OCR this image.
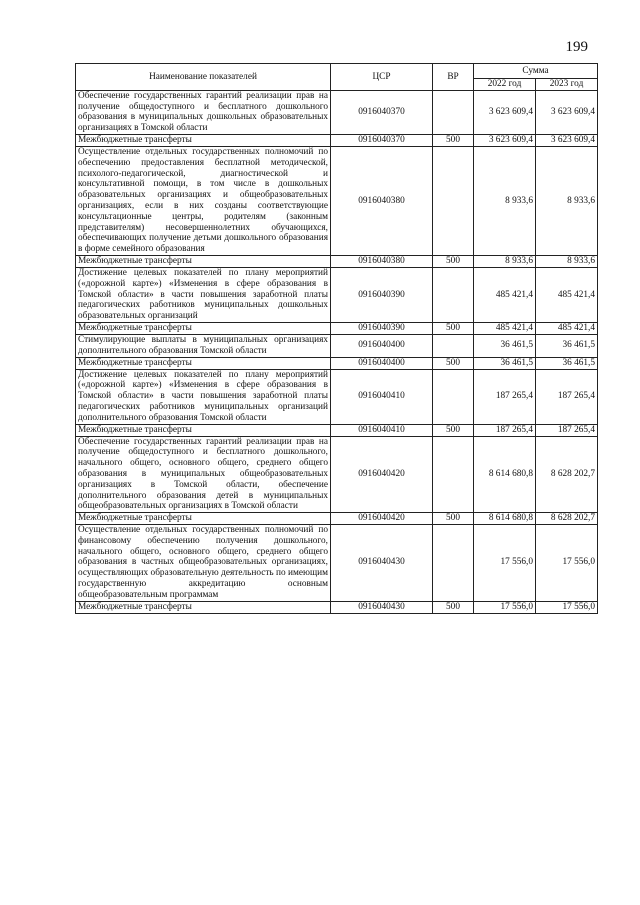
199
Наименование показателей	ЦСР	ВР	Сумма	
			2022 год	2023 год
Обеспечение государственных гарантий реализации прав на получение общедоступного и бесплатного дошкольного образования в муниципальных дошкольных образовательных организациях в Томской области	0916040370		3 623 609,4	3 623 609,4
Межбюджетные трансферты	0916040370	500	3 623 609,4	3 623 609,4
Осуществление отдельных государственных полномочий по обеспечению предоставления бесплатной методической, психолого-педагогической, диагностической и консультативной помощи, в том числе в дошкольных образовательных организациях и общеобразовательных организациях, если в них созданы соответствующие консультационные центры, родителям (законным представителям) несовершеннолетних обучающихся, обеспечивающих получение детьми дошкольного образования в форме семейного образования	0916040380		8 933,6	8 933,6
Межбюджетные трансферты	0916040380	500	8 933,6	8 933,6
Достижение целевых показателей по плану мероприятий («дорожной карте») «Изменения в сфере образования в Томской области» в части повышения заработной платы педагогических работников муниципальных дошкольных образовательных организаций	0916040390		485 421,4	485 421,4
Межбюджетные трансферты	0916040390	500	485 421,4	485 421,4
Стимулирующие выплаты в муниципальных организациях дополнительного образования Томской области	0916040400		36 461,5	36 461,5
Межбюджетные трансферты	0916040400	500	36 461,5	36 461,5
Достижение целевых показателей по плану мероприятий («дорожной карте») «Изменения в сфере образования в Томской области» в части повышения заработной платы педагогических работников муниципальных организаций дополнительного образования Томской области	0916040410		187 265,4	187 265,4
Межбюджетные трансферты	0916040410	500	187 265,4	187 265,4
Обеспечение государственных гарантий реализации прав на получение общедоступного и бесплатного дошкольного, начального общего, основного общего, среднего общего образования в муниципальных общеобразовательных организациях в Томской области, обеспечение дополнительного образования детей в муниципальных общеобразовательных организациях в Томской области	0916040420		8 614 680,8	8 628 202,7
Межбюджетные трансферты	0916040420	500	8 614 680,8	8 628 202,7
Осуществление отдельных государственных полномочий по финансовому обеспечению получения дошкольного, начального общего, основного общего, среднего общего образования в частных общеобразовательных организациях, осуществляющих образовательную деятельность по имеющим государственную аккредитацию основным общеобразовательным программам	0916040430		17 556,0	17 556,0
Межбюджетные трансферты	0916040430	500	17 556,0	17 556,0
